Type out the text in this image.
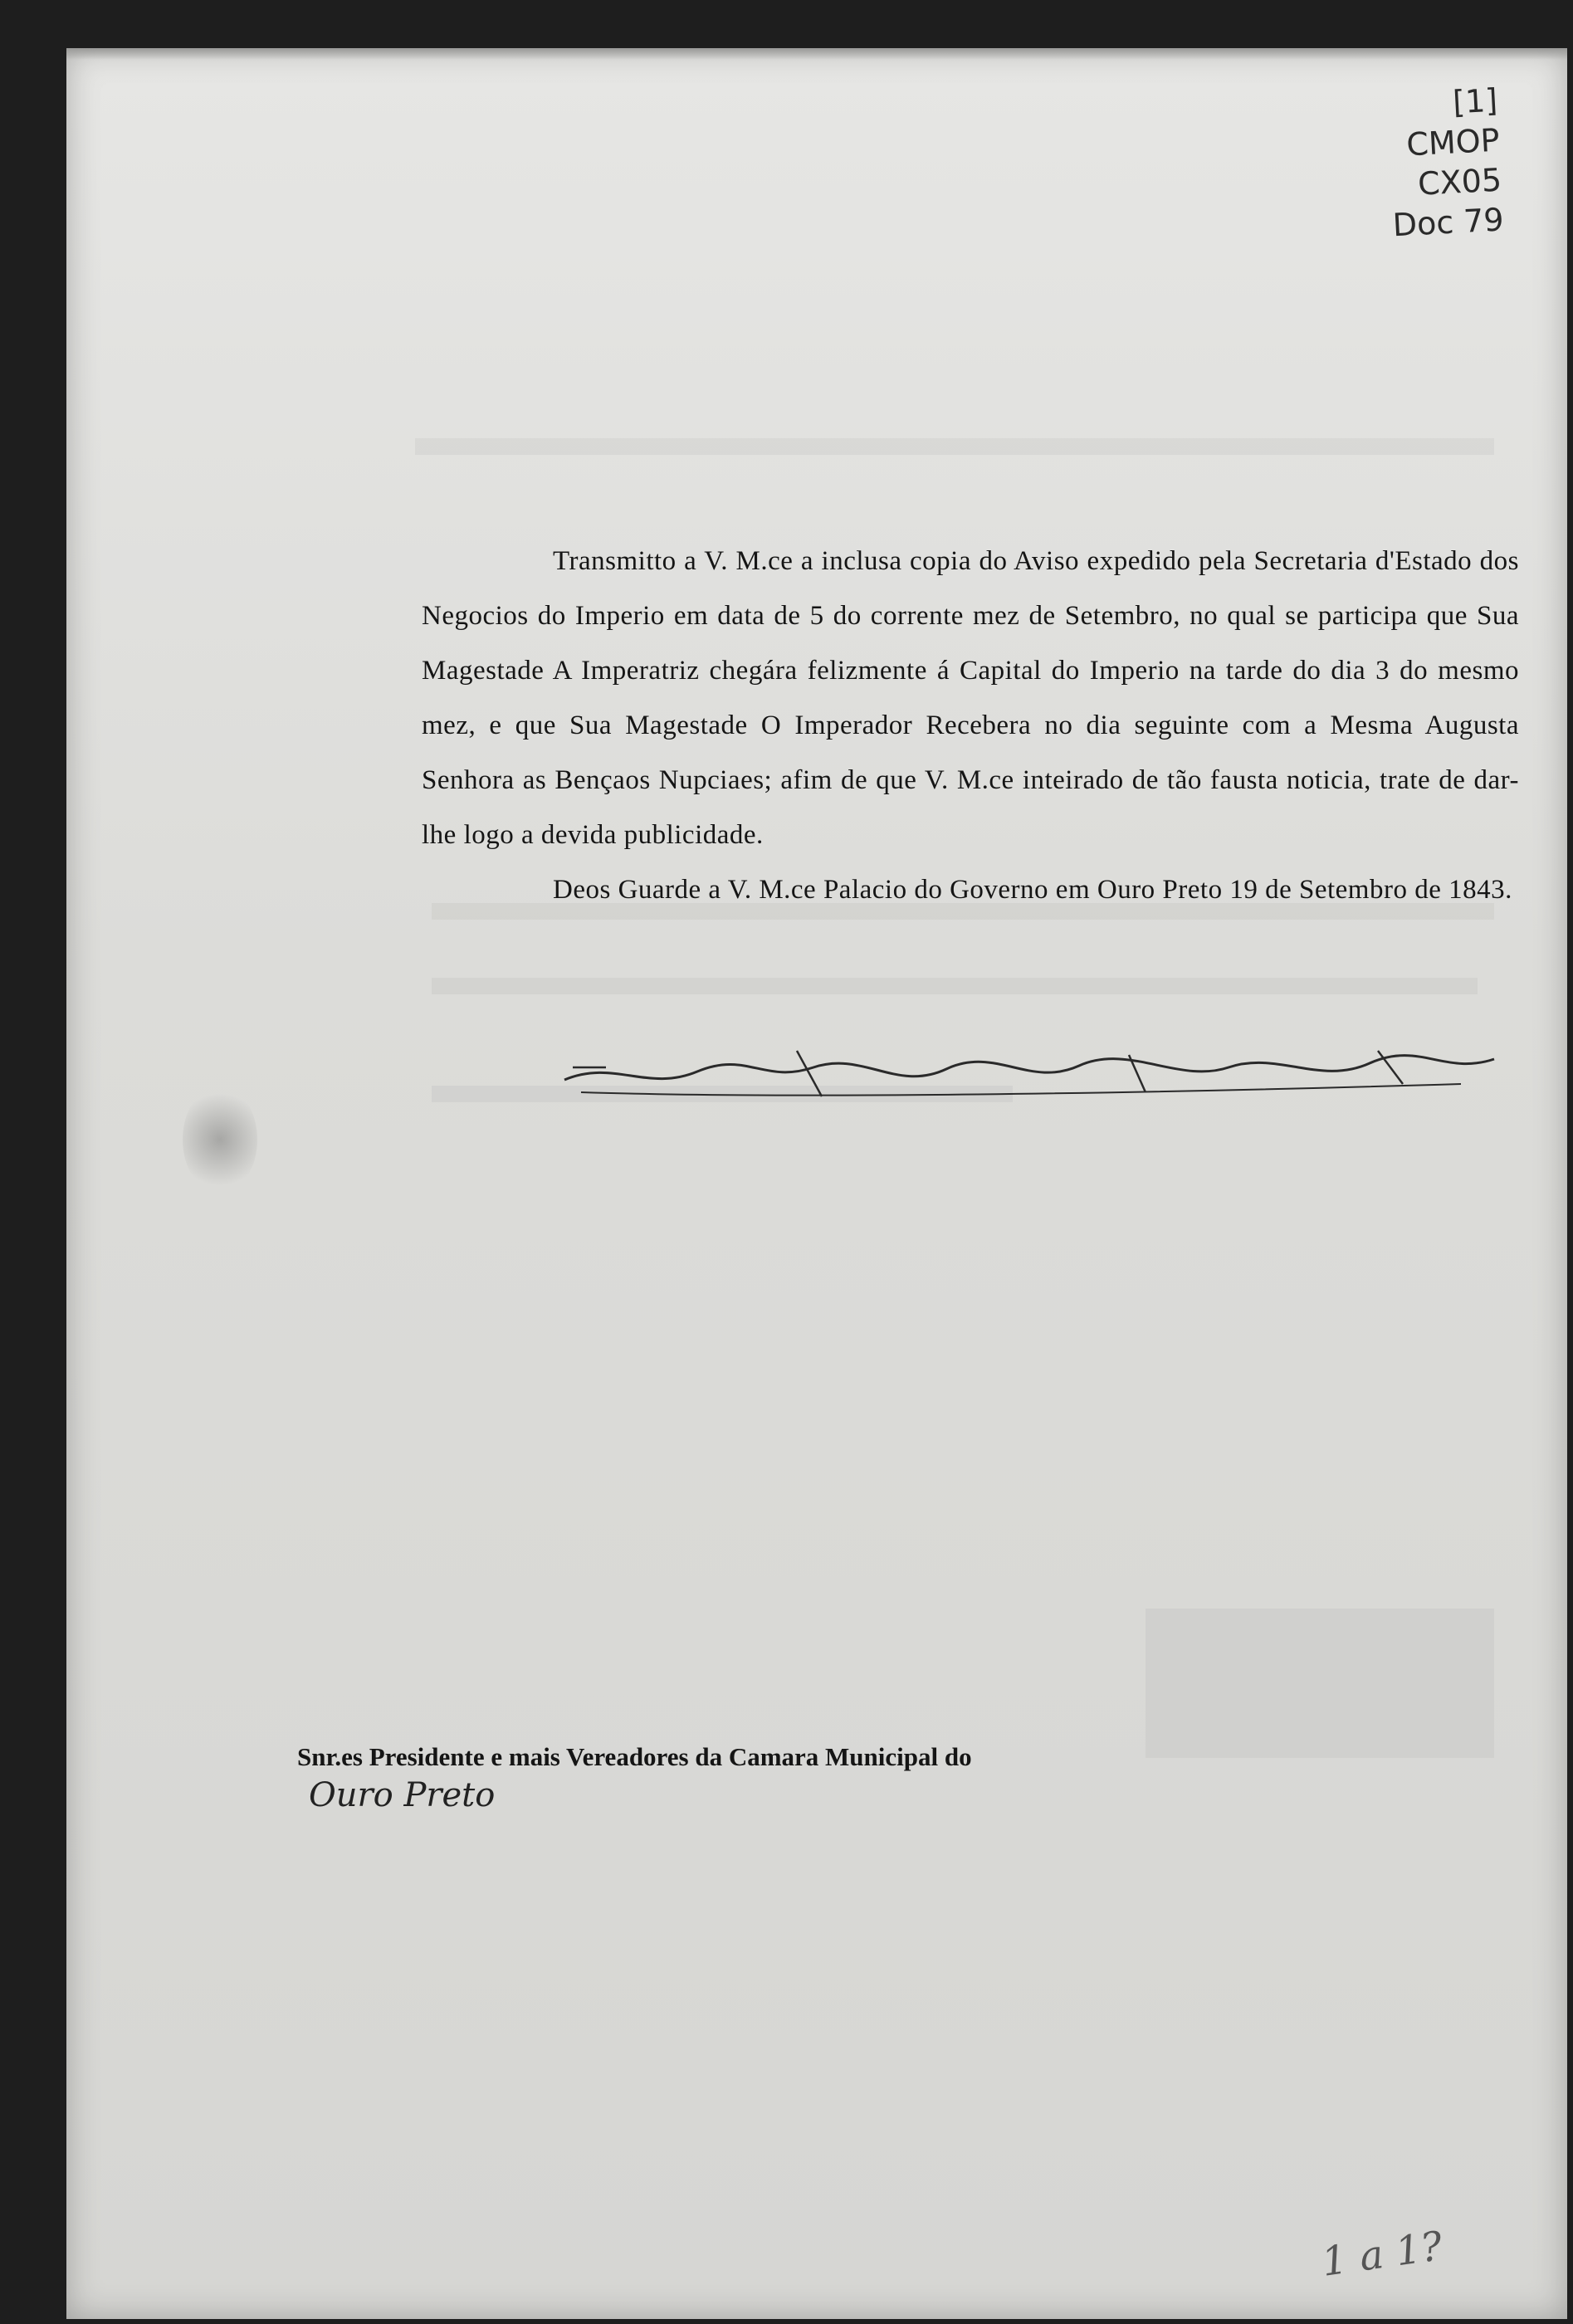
[1]
CMOP
CX05
Doc 79

Transmitto a V. M.ce a inclusa copia do Aviso expedido pela Secretaria d'Estado dos Negocios do Imperio em data de 5 do corrente mez de Setembro, no qual se participa que Sua Magestade A Imperatriz chegára felizmente á Capital do Imperio na tarde do dia 3 do mesmo mez, e que Sua Magestade O Imperador Recebera no dia seguinte com a Mesma Augusta Senhora as Bençaos Nupciaes; afim de que V. M.ce inteirado de tão fausta noticia, trate de dar-lhe logo a devida publicidade.

Deos Guarde a V. M.ce Palacio do Governo em Ouro Preto 19 de Setembro de 1843.

Snr.es Presidente e mais Vereadores da Camara Municipal do Ouro Preto
1 a 1?
